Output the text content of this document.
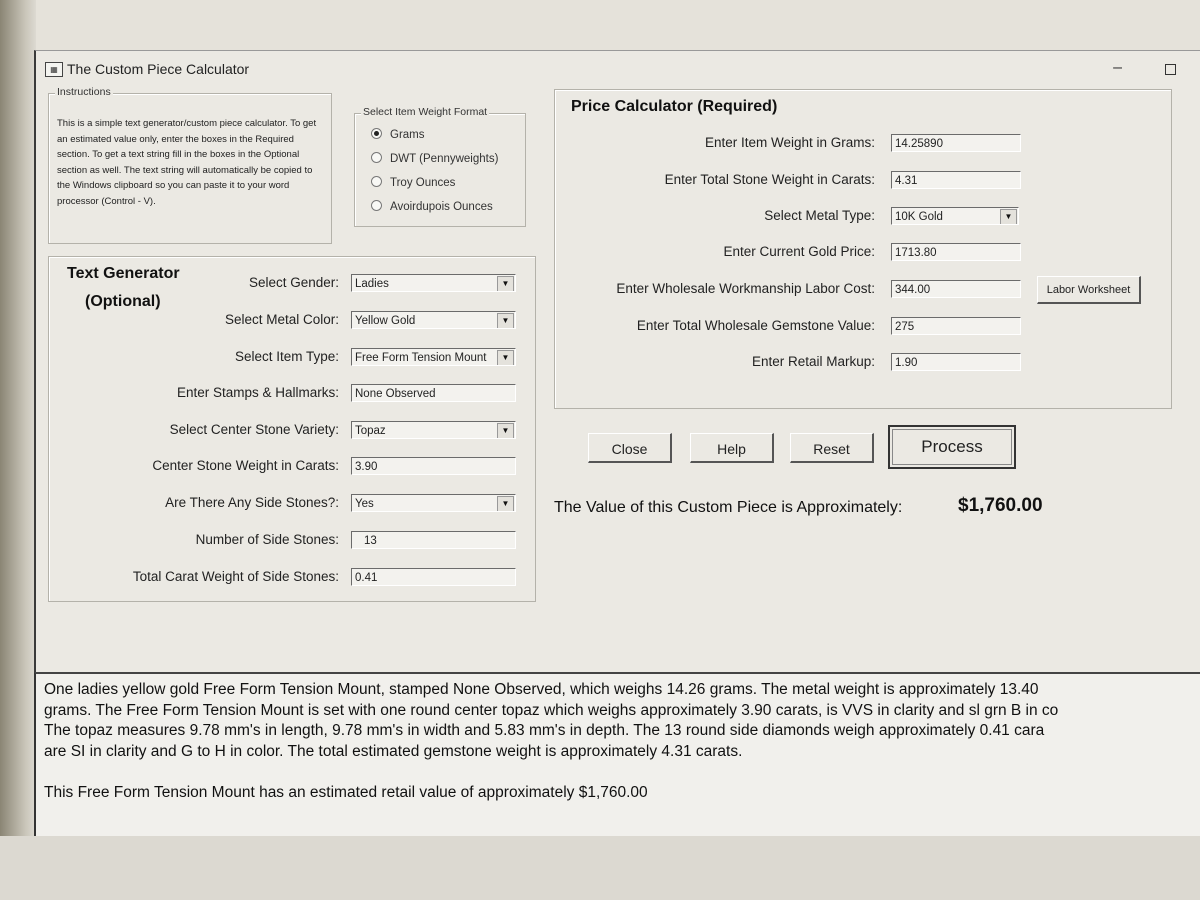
▦ The Custom Piece Calculator	–
Instructions
This is a simple text generator/custom piece calculator. To get an estimated value only, enter the boxes in the Required section. To get a text string fill in the boxes in the Optional section as well. The text string will automatically be copied to the Windows clipboard so you can paste it to your word processor (Control - V).
Select Item Weight Format
Grams
DWT (Pennyweights)
Troy Ounces
Avoirdupois Ounces
Text Generator
(Optional)
Select Gender:	Ladies	▼
Select Metal Color:	Yellow Gold	▼
Select Item Type:	Free Form Tension Mount	▼
Enter Stamps & Hallmarks:	None Observed
Select Center Stone Variety:	Topaz	▼
Center Stone Weight in Carats:	3.90
Are There Any Side Stones?:	Yes	▼
Number of Side Stones:	13
Total Carat Weight of Side Stones:	0.41
Price Calculator (Required)
Enter Item Weight in Grams:	14.25890
Enter Total Stone Weight in Carats:	4.31
Select Metal Type:	10K Gold	▼
Enter Current Gold Price:	1713.80
Enter Wholesale Workmanship Labor Cost:	344.00
Enter Total Wholesale Gemstone Value:	275
Enter Retail Markup:	1.90
Labor Worksheet
Close	Help	Reset	Process
The Value of this Custom Piece is Approximately:	$1,760.00
One ladies yellow gold Free Form Tension Mount, stamped None Observed, which weighs 14.26 grams. The metal weight is approximately 13.40
grams. The Free Form Tension Mount is set with one round center topaz which weighs approximately 3.90 carats, is VVS in clarity and sl grn B in co
The topaz measures 9.78 mm's in length, 9.78 mm's in width and 5.83 mm's in depth. The 13 round side diamonds weigh approximately 0.41 cara
are SI in clarity and G to H in color. The total estimated gemstone weight is approximately 4.31 carats.
This Free Form Tension Mount has an estimated retail value of approximately $1,760.00
